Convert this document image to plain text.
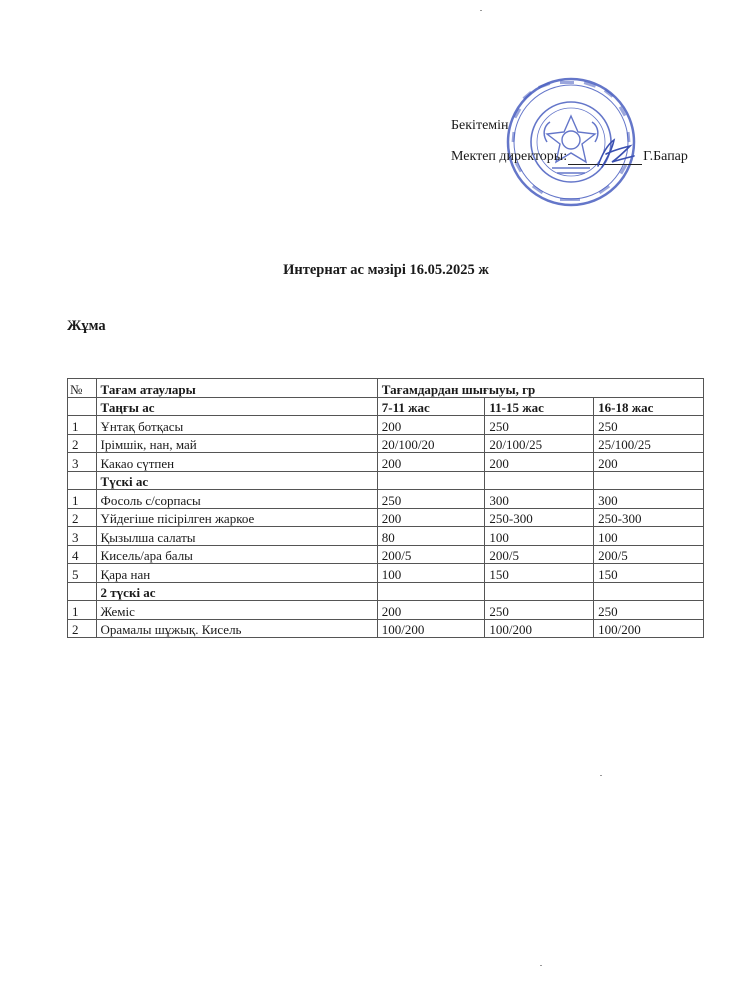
Бекітемін
Мектеп директоры:	Г.Бапар
Интернат ас мәзірі 16.05.2025 ж
Жұма
№	Тағам атаулары	Тағамдардан шығыуы, гр		
	Таңғы ас	7-11 жас	11-15 жас	16-18 жас
1	Ұнтақ ботқасы	200	250	250
2	Ірімшік, нан, май	20/100/20	20/100/25	25/100/25
3	Какао сүтпен	200	200	200
	Түскі ас			
1	Фосоль с/сорпасы	250	300	300
2	Үйдегіше пісірілген жаркое	200	250-300	250-300
3	Қызылша салаты	80	100	100
4	Кисель/ара балы	200/5	200/5	200/5
5	Қара нан	100	150	150
	2 түскі ас			
1	Жеміс	200	250	250
2	Орамалы шұжық. Кисель	100/200	100/200	100/200
